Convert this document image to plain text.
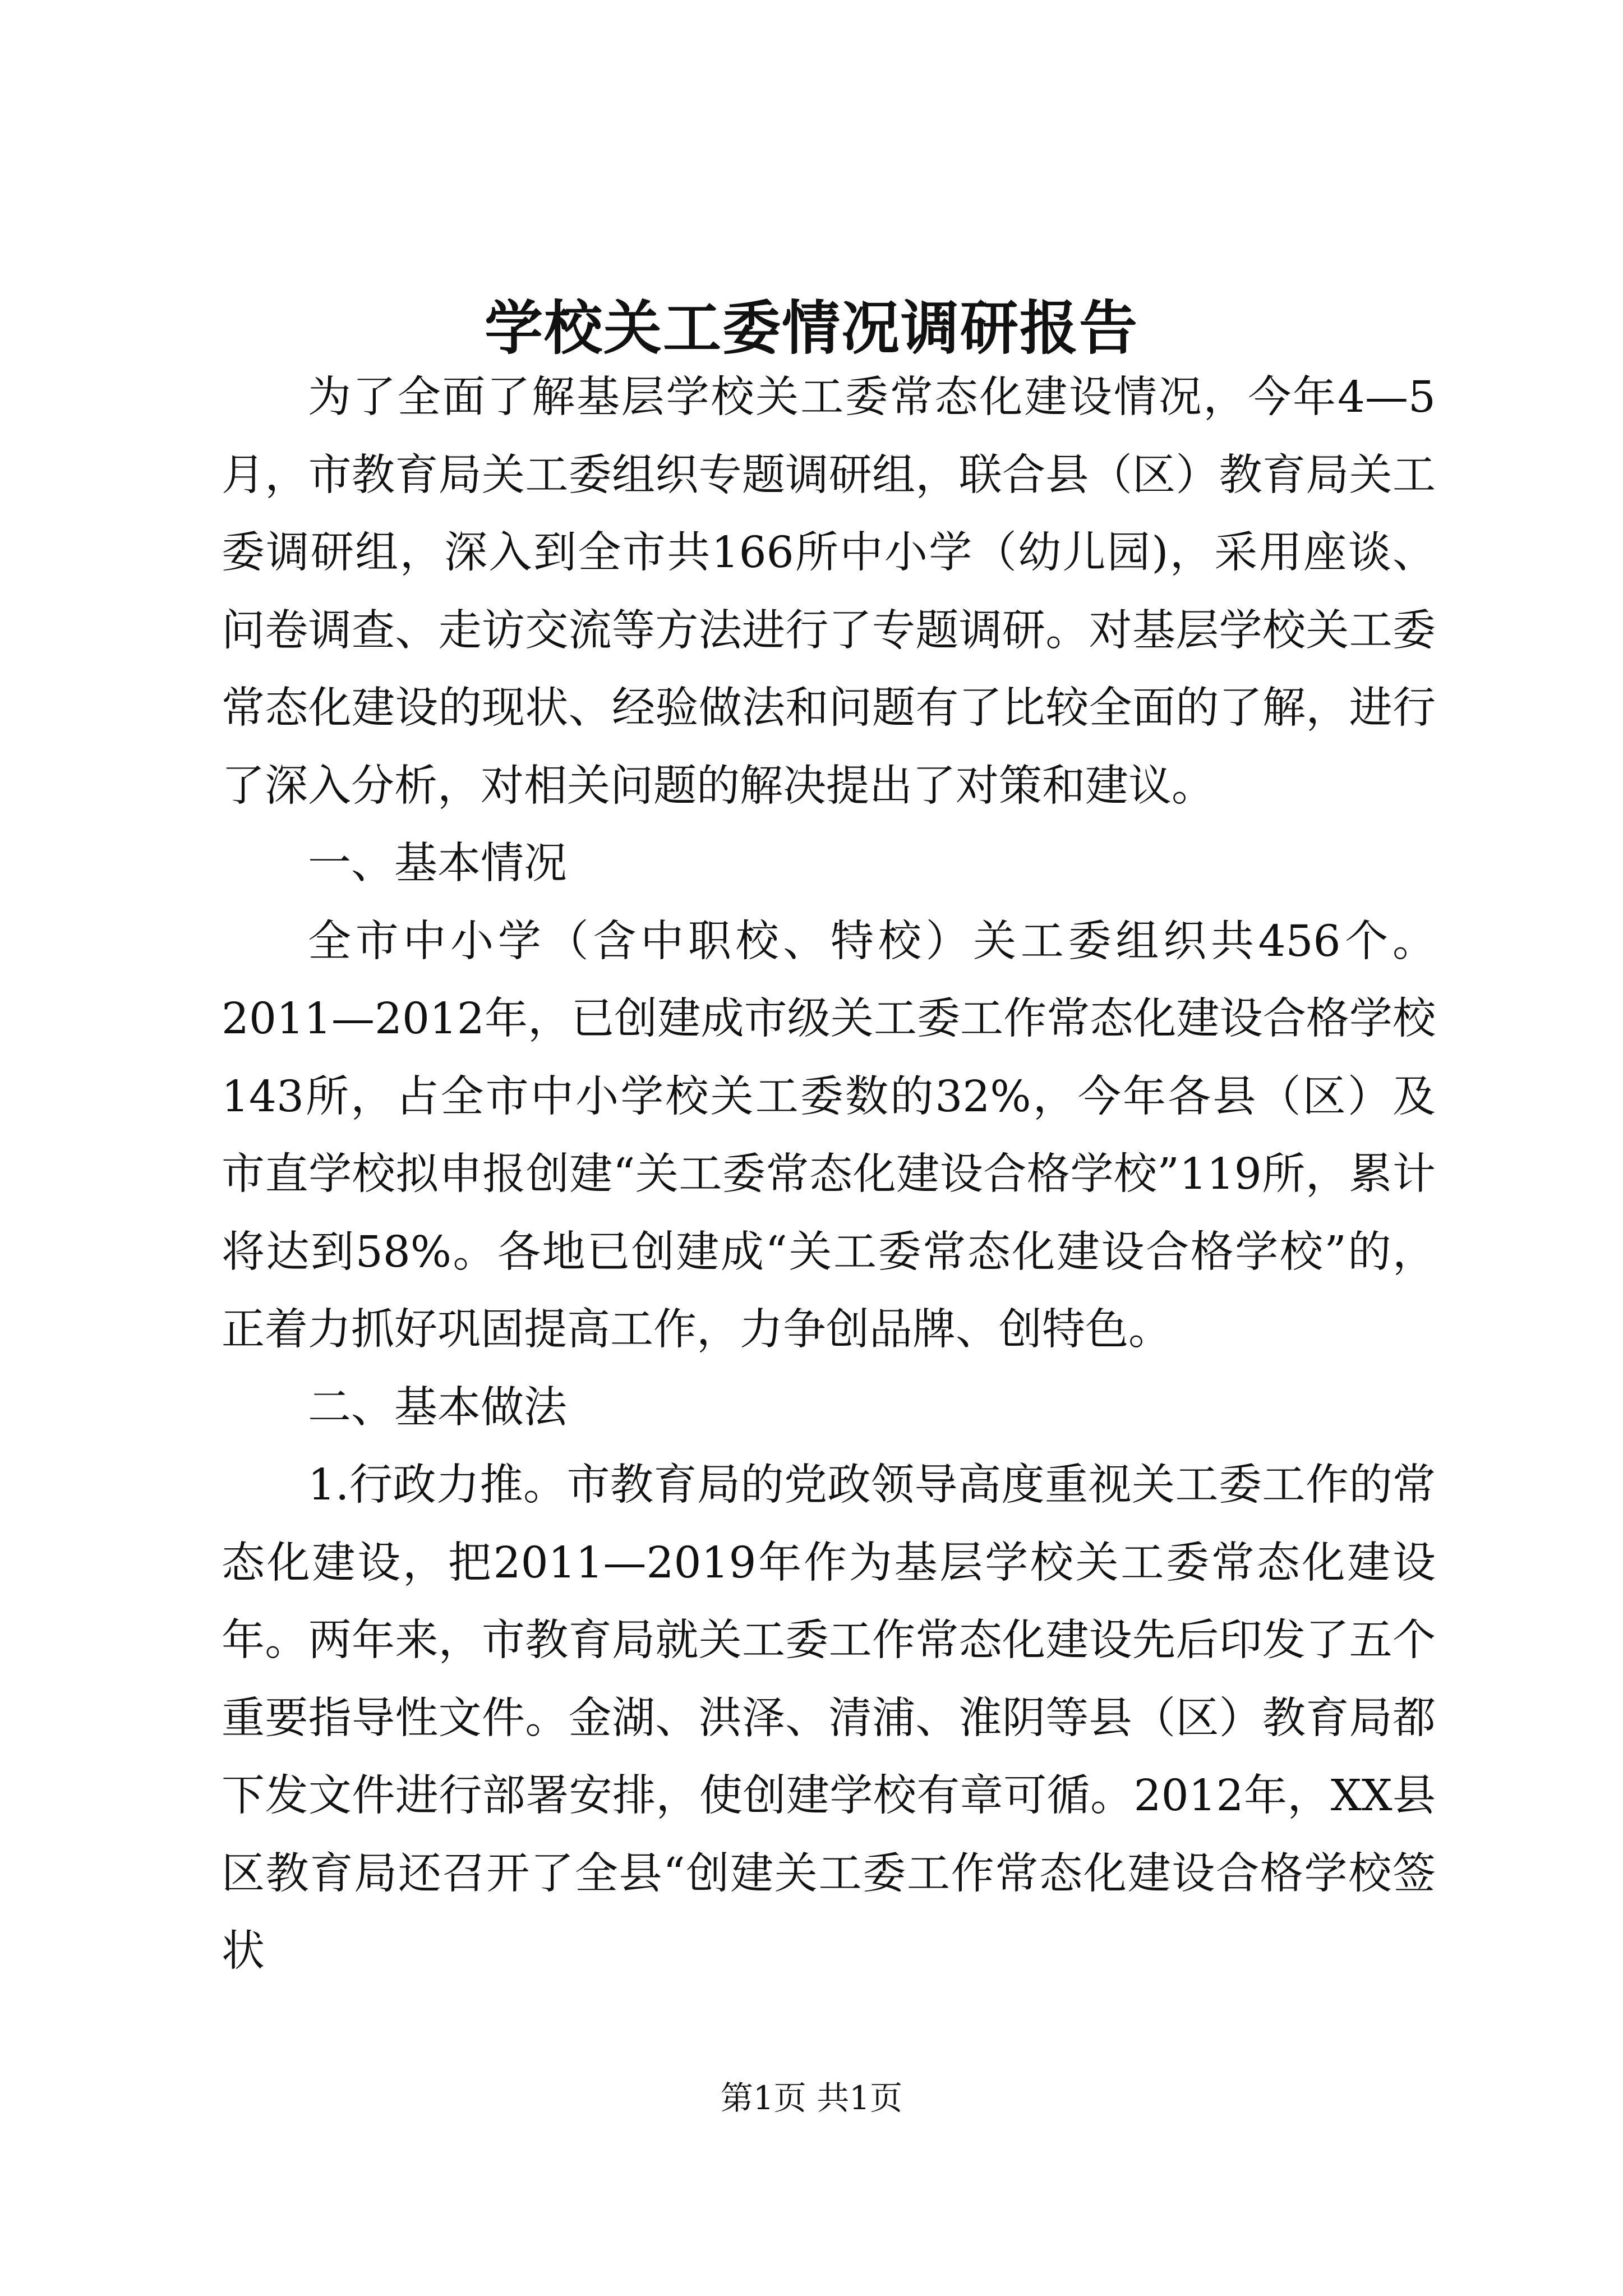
学校关工委情况调研报告

为了全面了解基层学校关工委常态化建设情况，今年4—5月，市教育局关工委组织专题调研组，联合县（区）教育局关工委调研组，深入到全市共166所中小学（幼儿园)，采用座谈、问卷调查、走访交流等方法进行了专题调研。对基层学校关工委常态化建设的现状、经验做法和问题有了比较全面的了解，进行了深入分析，对相关问题的解决提出了对策和建议。

一、基本情况

全市中小学（含中职校、特校）关工委组织共456个。2011—2012年，已创建成市级关工委工作常态化建设合格学校143所，占全市中小学校关工委数的32%，今年各县（区）及市直学校拟申报创建“关工委常态化建设合格学校”119所，累计将达到58%。各地已创建成“关工委常态化建设合格学校”的，正着力抓好巩固提高工作，力争创品牌、创特色。

二、基本做法

1.行政力推。市教育局的党政领导高度重视关工委工作的常态化建设，把2011—2019年作为基层学校关工委常态化建设年。两年来，市教育局就关工委工作常态化建设先后印发了五个重要指导性文件。金湖、洪泽、清浦、淮阴等县（区）教育局都下发文件进行部署安排，使创建学校有章可循。2012年，XX县区教育局还召开了全县“创建关工委工作常态化建设合格学校签状

第1页 共1页
